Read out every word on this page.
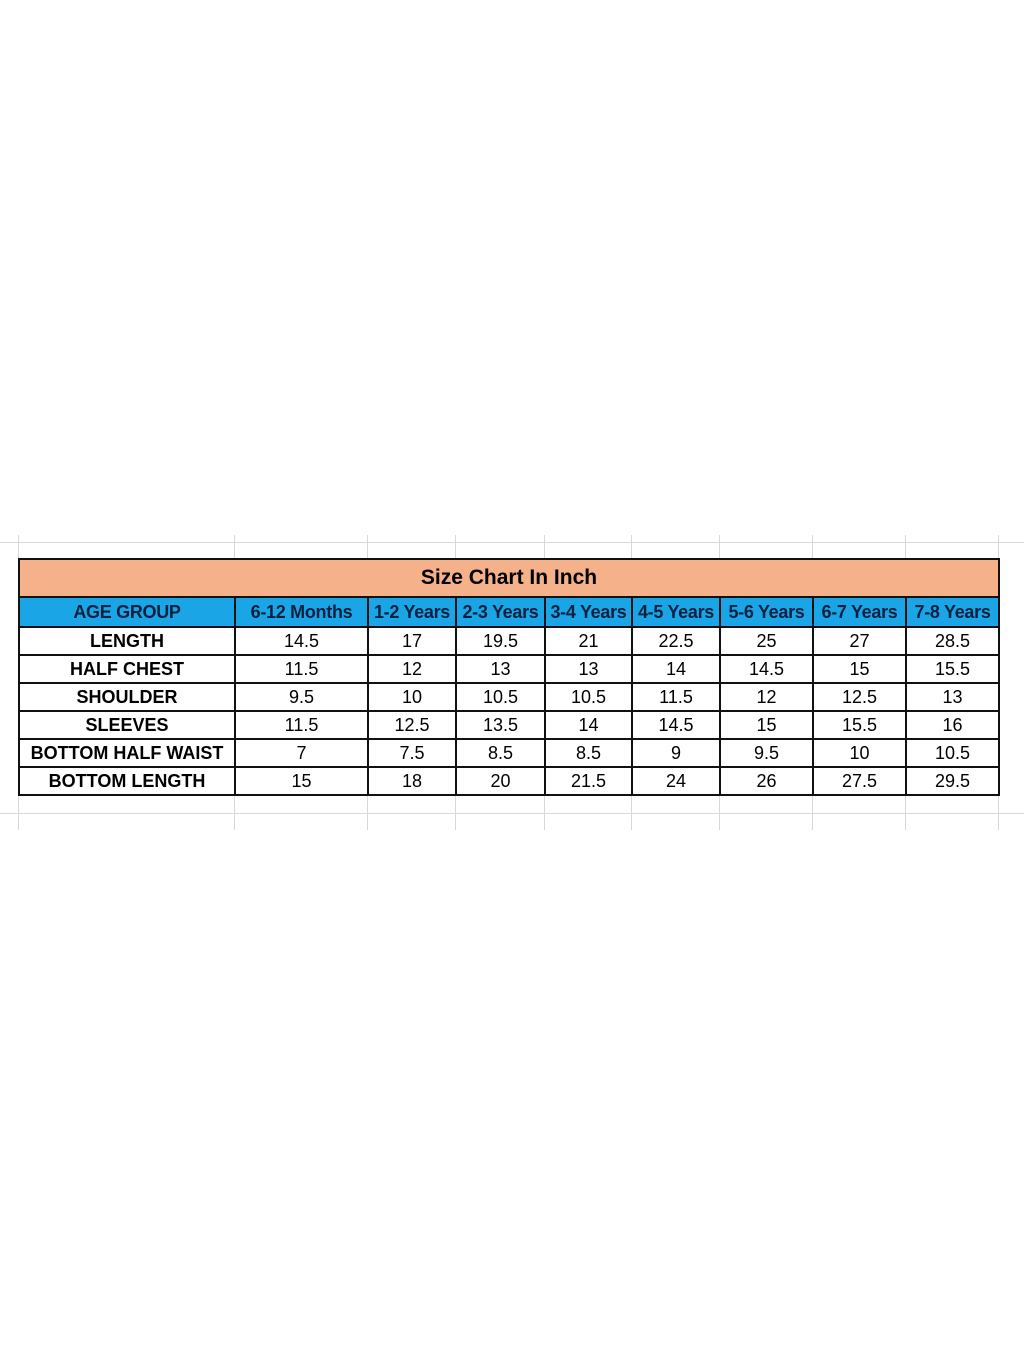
Size Chart In Inch								
AGE GROUP	6-12 Months	1-2 Years	2-3 Years	3-4 Years	4-5 Years	5-6 Years	6-7 Years	7-8 Years
LENGTH	14.5	17	19.5	21	22.5	25	27	28.5
HALF CHEST	11.5	12	13	13	14	14.5	15	15.5
SHOULDER	9.5	10	10.5	10.5	11.5	12	12.5	13
SLEEVES	11.5	12.5	13.5	14	14.5	15	15.5	16
BOTTOM HALF WAIST	7	7.5	8.5	8.5	9	9.5	10	10.5
BOTTOM LENGTH	15	18	20	21.5	24	26	27.5	29.5
